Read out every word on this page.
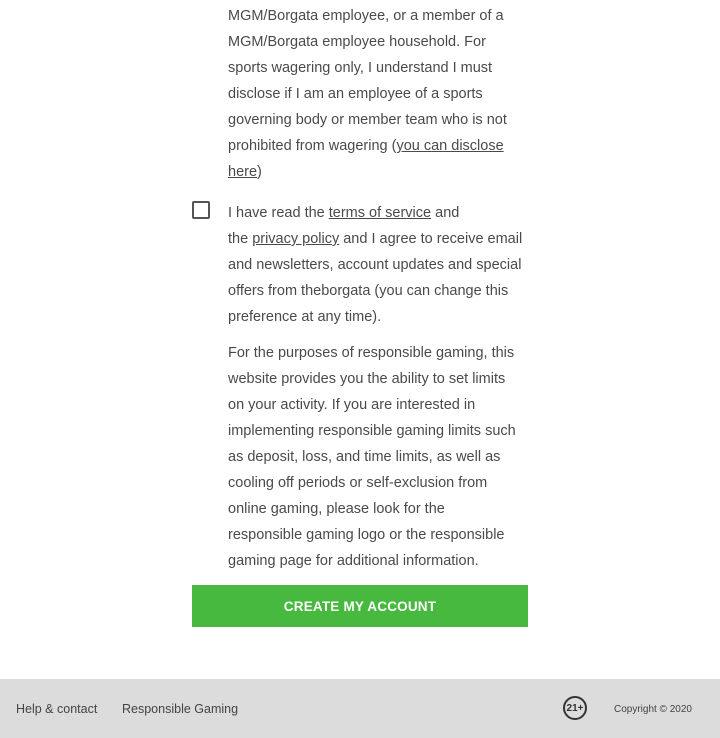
MGM/Borgata employee, or a member of a

MGM/Borgata employee household. For

sports wagering only, I understand I must

disclose if I am an employee of a sports

governing body or member team who is not

prohibited from wagering (you can disclose

here)

I have read the terms of service and

the privacy policy and I agree to receive email

and newsletters, account updates and special

offers from theborgata (you can change this

preference at any time).

For the purposes of responsible gaming, this

website provides you the ability to set limits

on your activity. If you are interested in

implementing responsible gaming limits such

as deposit, loss, and time limits, as well as

cooling off periods or self-exclusion from

online gaming, please look for the

responsible gaming logo or the responsible

gaming page for additional information.

CREATE MY ACCOUNT
Help & contact Responsible Gaming	21+	Copyright © 2020
